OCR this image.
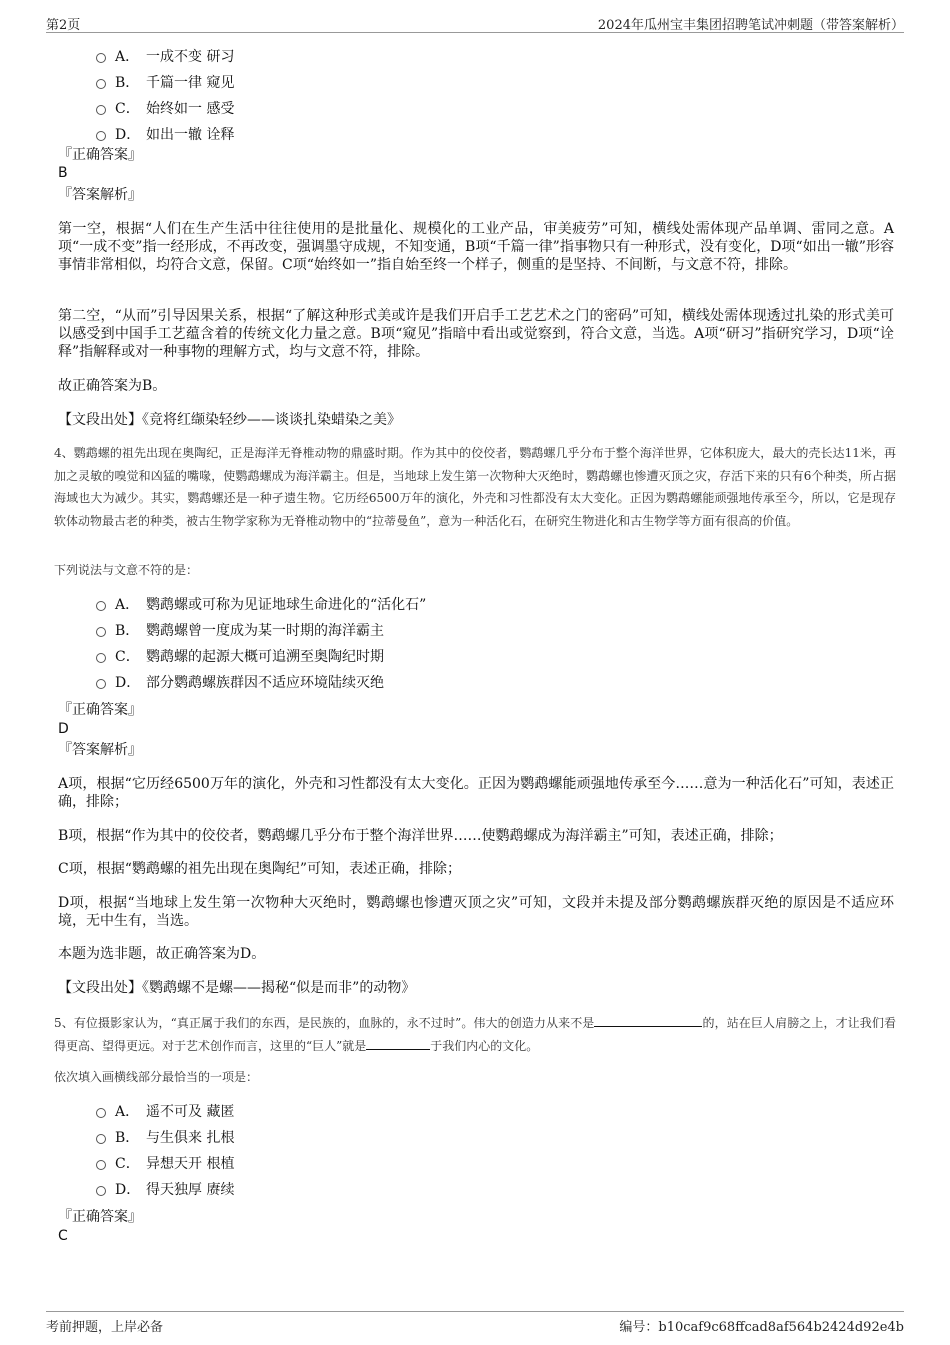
第2页	2024年瓜州宝丰集团招聘笔试冲刺题（带答案解析）
A． 一成不变 研习
B． 千篇一律 窥见
C． 始终如一 感受
D． 如出一辙 诠释
『正确答案』
B
『答案解析』

第一空，根据“人们在生产生活中往往使用的是批量化、规模化的工业产品，审美疲劳”可知，横线处需体现产品单调、雷同之意。A项“一成不变”指一经形成，不再改变，强调墨守成规，不知变通，B项“千篇一律”指事物只有一种形式，没有变化，D项“如出一辙”形容事情非常相似，均符合文意，保留。C项“始终如一”指自始至终一个样子，侧重的是坚持、不间断，与文意不符，排除。

第二空，“从而”引导因果关系，根据“了解这种形式美或许是我们开启手工艺艺术之门的密码”可知，横线处需体现透过扎染的形式美可以感受到中国手工艺蕴含着的传统文化力量之意。B项“窥见”指暗中看出或觉察到，符合文意，当选。A项“研习”指研究学习，D项“诠释”指解释或对一种事物的理解方式，均与文意不符，排除。

故正确答案为B。

【文段出处】《竞将红缬染轻纱——谈谈扎染蜡染之美》

4、鹦鹉螺的祖先出现在奥陶纪，正是海洋无脊椎动物的鼎盛时期。作为其中的佼佼者，鹦鹉螺几乎分布于整个海洋世界，它体积庞大，最大的壳长达11米，再加之灵敏的嗅觉和凶猛的嘴喙，使鹦鹉螺成为海洋霸主。但是，当地球上发生第一次物种大灭绝时，鹦鹉螺也惨遭灭顶之灾，存活下来的只有6个种类，所占据海域也大为减少。其实，鹦鹉螺还是一种孑遗生物。它历经6500万年的演化，外壳和习性都没有太大变化。正因为鹦鹉螺能顽强地传承至今，所以，它是现存软体动物最古老的种类，被古生物学家称为无脊椎动物中的“拉蒂曼鱼”，意为一种活化石，在研究生物进化和古生物学等方面有很高的价值。

下列说法与文意不符的是：
A． 鹦鹉螺或可称为见证地球生命进化的“活化石”
B． 鹦鹉螺曾一度成为某一时期的海洋霸主
C． 鹦鹉螺的起源大概可追溯至奥陶纪时期
D． 部分鹦鹉螺族群因不适应环境陆续灭绝
『正确答案』
D
『答案解析』

A项，根据“它历经6500万年的演化，外壳和习性都没有太大变化。正因为鹦鹉螺能顽强地传承至今……意为一种活化石”可知，表述正确，排除；

B项，根据“作为其中的佼佼者，鹦鹉螺几乎分布于整个海洋世界……使鹦鹉螺成为海洋霸主”可知，表述正确，排除；

C项，根据“鹦鹉螺的祖先出现在奥陶纪”可知，表述正确，排除；

D项，根据“当地球上发生第一次物种大灭绝时，鹦鹉螺也惨遭灭顶之灾”可知，文段并未提及部分鹦鹉螺族群灭绝的原因是不适应环境，无中生有，当选。

本题为选非题，故正确答案为D。

【文段出处】《鹦鹉螺不是螺——揭秘“似是而非”的动物》

5、有位摄影家认为，“真正属于我们的东西，是民族的，血脉的，永不过时”。伟大的创造力从来不是	的，站在巨人肩膀之上，才让我们看得更高、望得更远。对于艺术创作而言，这里的“巨人”就是	于我们内心的文化。

依次填入画横线部分最恰当的一项是：
A． 遥不可及 藏匿
B． 与生俱来 扎根
C． 异想天开 根植
D． 得天独厚 赓续
『正确答案』
C
考前押题，上岸必备	编号：b10caf9c68ffcad8af564b2424d92e4b
